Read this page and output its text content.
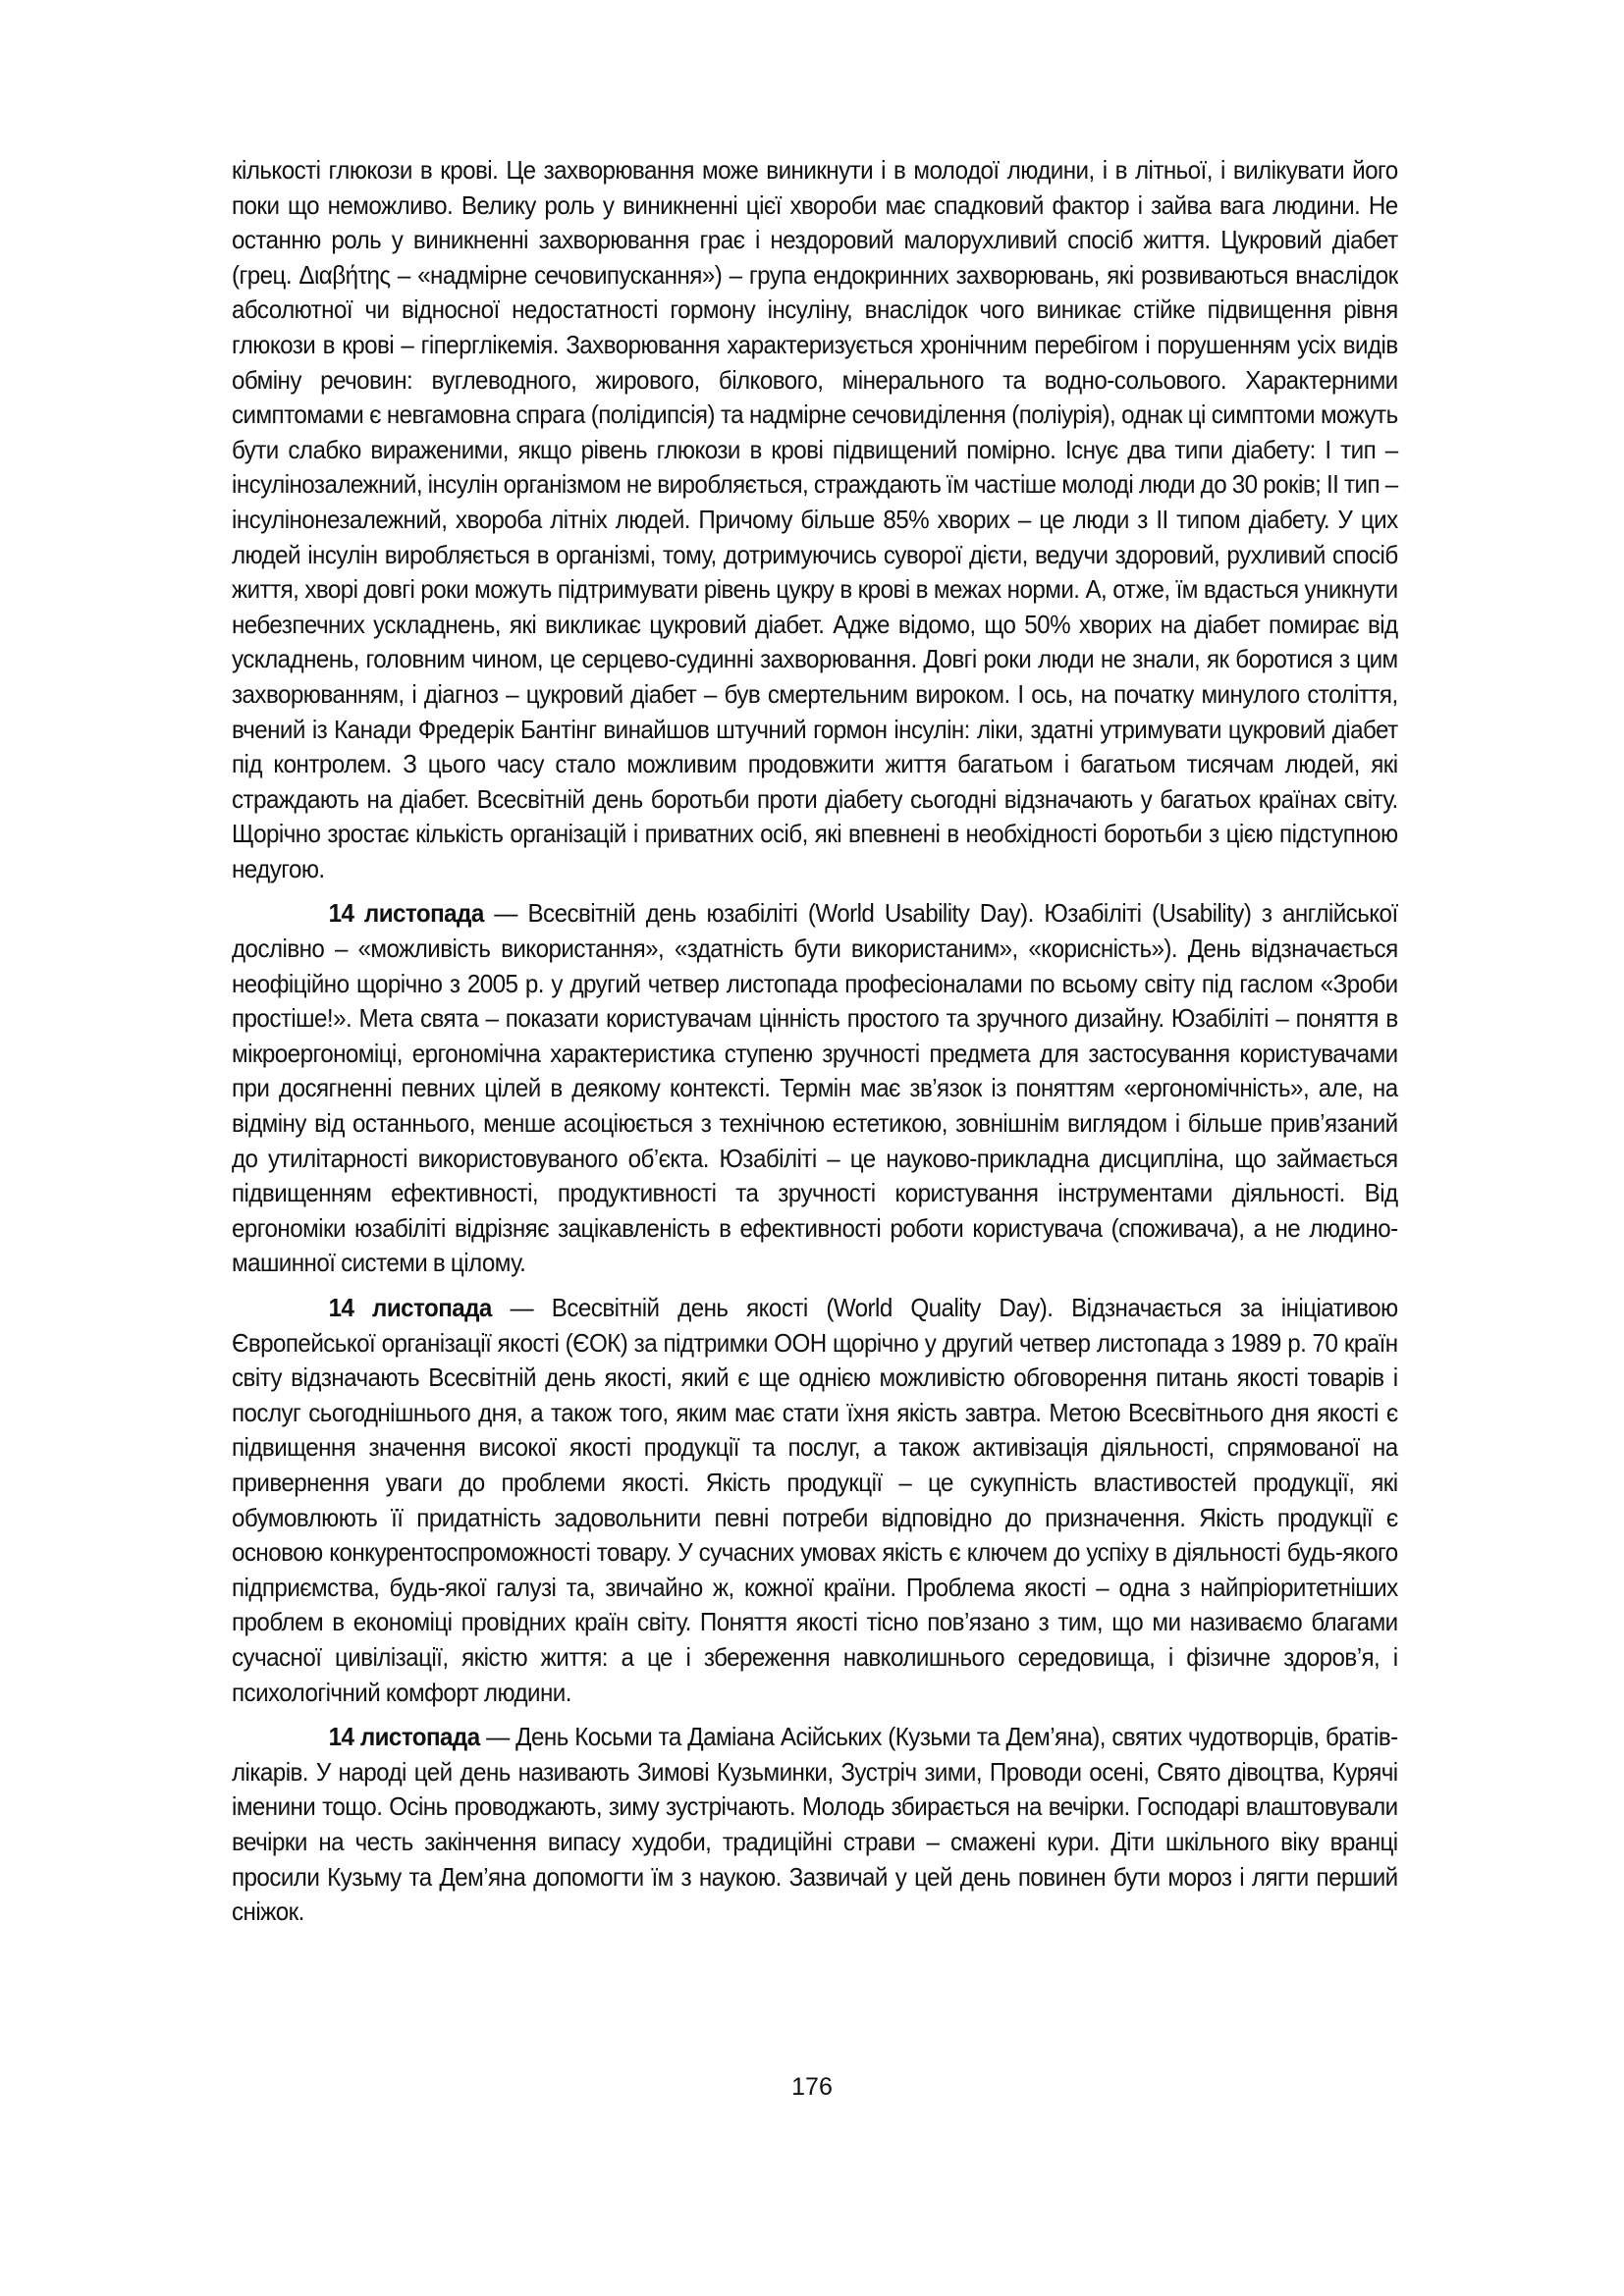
кількості глюкози в крові. Це захворювання може виникнути і в молодої людини, і в літньої, і вилікувати його поки що неможливо. Велику роль у виникненні цієї хвороби має спадковий фактор і зайва вага людини. Не останню роль у виникненні захворювання грає і нездоровий малорухливий спосіб життя. Цукровий діабет (грец. Διαβήτης – «надмірне сечовипускання») – група ендокринних захворювань, які розвиваються внаслідок абсолютної чи відносної недостатності гормону інсуліну, внаслідок чого виникає стійке підвищення рівня глюкози в крові – гіперглікемія. Захворювання характеризується хронічним перебігом і порушенням усіх видів обміну речовин: вуглеводного, жирового, білкового, мінерального та водно-сольового. Характерними симптомами є невгамовна спрага (полідипсія) та надмірне сечовиділення (поліурія), однак ці симптоми можуть бути слабко вираженими, якщо рівень глюкози в крові підвищений помірно. Існує два типи діабету: I тип – інсулінозалежний, інсулін організмом не виробляється, страждають їм частіше молоді люди до 30 років; II тип – інсулінонезалежний, хвороба літніх людей. Причому більше 85% хворих – це люди з II типом діабету. У цих людей інсулін виробляється в організмі, тому, дотримуючись суворої дієти, ведучи здоровий, рухливий спосіб життя, хворі довгі роки можуть підтримувати рівень цукру в крові в межах норми. А, отже, їм вдасться уникнути небезпечних ускладнень, які викликає цукровий діабет. Адже відомо, що 50% хворих на діабет помирає від ускладнень, головним чином, це серцево-судинні захворювання. Довгі роки люди не знали, як боротися з цим захворюванням, і діагноз – цукровий діабет – був смертельним вироком. І ось, на початку минулого століття, вчений із Канади Фредерік Бантінг винайшов штучний гормон інсулін: ліки, здатні утримувати цукровий діабет під контролем. З цього часу стало можливим продовжити життя багатьом і багатьом тисячам людей, які страждають на діабет. Всесвітній день боротьби проти діабету сьогодні відзначають у багатьох країнах світу. Щорічно зростає кількість організацій і приватних осіб, які впевнені в необхідності боротьби з цією підступною недугою.

14 листопада — Всесвітній день юзабіліті (World Usability Day). Юзабіліті (Usability) з англійської дослівно – «можливість використання», «здатність бути використаним», «корисність»). День відзначається неофіційно щорічно з 2005 р. у другий четвер листопада професіоналами по всьому світу під гаслом «Зроби простіше!». Мета свята – показати користувачам цінність простого та зручного дизайну. Юзабіліті – поняття в мікроергономіці, ергономічна характеристика ступеню зручності предмета для застосування користувачами при досягненні певних цілей в деякому контексті. Термін має зв’язок із поняттям «ергономічність», але, на відміну від останнього, менше асоціюється з технічною естетикою, зовнішнім виглядом і більше прив’язаний до утилітарності використовуваного об’єкта. Юзабіліті – це науково-прикладна дисципліна, що займається підвищенням ефективності, продуктивності та зручності користування інструментами діяльності. Від ергономіки юзабіліті відрізняє зацікавленість в ефективності роботи користувача (споживача), а не людино-машинної системи в цілому.

14 листопада — Всесвітній день якості (World Quality Day). Відзначається за ініціативою Європейської організації якості (ЄОК) за підтримки ООН щорічно у другий четвер листопада з 1989 р. 70 країн світу відзначають Всесвітній день якості, який є ще однією можливістю обговорення питань якості товарів і послуг сьогоднішнього дня, а також того, яким має стати їхня якість завтра. Метою Всесвітнього дня якості є підвищення значення високої якості продукції та послуг, а також активізація діяльності, спрямованої на привернення уваги до проблеми якості. Якість продукції – це сукупність властивостей продукції, які обумовлюють її придатність задовольнити певні потреби відповідно до призначення. Якість продукції є основою конкурентоспроможності товару. У сучасних умовах якість є ключем до успіху в діяльності будь-якого підприємства, будь-якої галузі та, звичайно ж, кожної країни. Проблема якості – одна з найпріоритетніших проблем в економіці провідних країн світу. Поняття якості тісно пов’язано з тим, що ми називаємо благами сучасної цивілізації, якістю життя: а це і збереження навколишнього середовища, і фізичне здоров’я, і психологічний комфорт людини.

14 листопада — День Косьми та Даміана Асійських (Кузьми та Дем’яна), святих чудотворців, братів-лікарів. У народі цей день називають Зимові Кузьминки, Зустріч зими, Проводи осені, Свято дівоцтва, Курячі іменини тощо. Осінь проводжають, зиму зустрічають. Молодь збирається на вечірки. Господарі влаштовували вечірки на честь закінчення випасу худоби, традиційні страви – смажені кури. Діти шкільного віку вранці просили Кузьму та Дем’яна допомогти їм з наукою. Зазвичай у цей день повинен бути мороз і лягти перший сніжок.

176
